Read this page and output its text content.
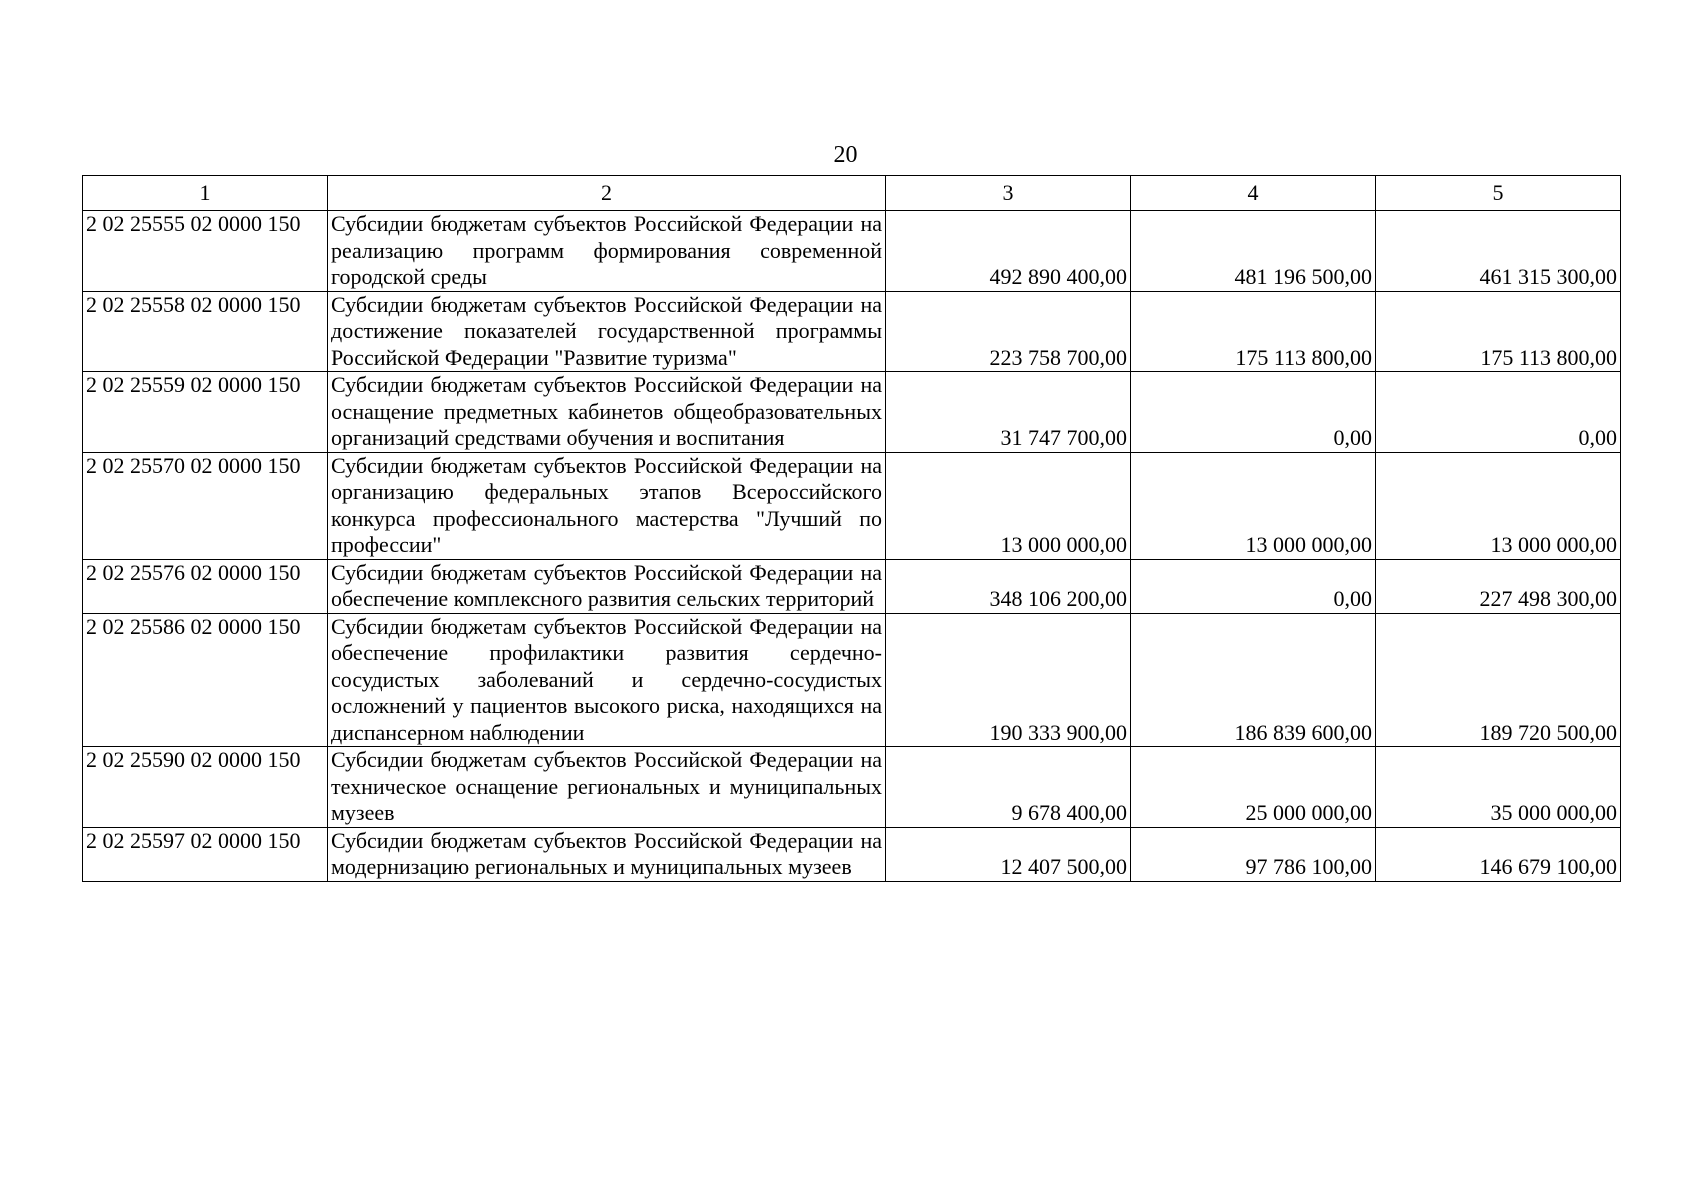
20
1	2	3	4	5
2 02 25555 02 0000 150	Субсидии бюджетам субъектов Российской Федерации на реализацию программ формирования современной городской среды	492 890 400,00	481 196 500,00	461 315 300,00
2 02 25558 02 0000 150	Субсидии бюджетам субъектов Российской Федерации на достижение показателей государственной программы Российской Федерации "Развитие туризма"	223 758 700,00	175 113 800,00	175 113 800,00
2 02 25559 02 0000 150	Субсидии бюджетам субъектов Российской Федерации на оснащение предметных кабинетов общеобразовательных организаций средствами обучения и воспитания	31 747 700,00	0,00	0,00
2 02 25570 02 0000 150	Субсидии бюджетам субъектов Российской Федерации на организацию федеральных этапов Всероссийского конкурса профессионального мастерства "Лучший по профессии"	13 000 000,00	13 000 000,00	13 000 000,00
2 02 25576 02 0000 150	Субсидии бюджетам субъектов Российской Федерации на обеспечение комплексного развития сельских территорий	348 106 200,00	0,00	227 498 300,00
2 02 25586 02 0000 150	Субсидии бюджетам субъектов Российской Федерации на обеспечение профилактики развития сердечно-сосудистых заболеваний и сердечно-сосудистых осложнений у пациентов высокого риска, находящихся на диспансерном наблюдении	190 333 900,00	186 839 600,00	189 720 500,00
2 02 25590 02 0000 150	Субсидии бюджетам субъектов Российской Федерации на техническое оснащение региональных и муниципальных музеев	9 678 400,00	25 000 000,00	35 000 000,00
2 02 25597 02 0000 150	Субсидии бюджетам субъектов Российской Федерации на модернизацию региональных и муниципальных музеев	12 407 500,00	97 786 100,00	146 679 100,00
